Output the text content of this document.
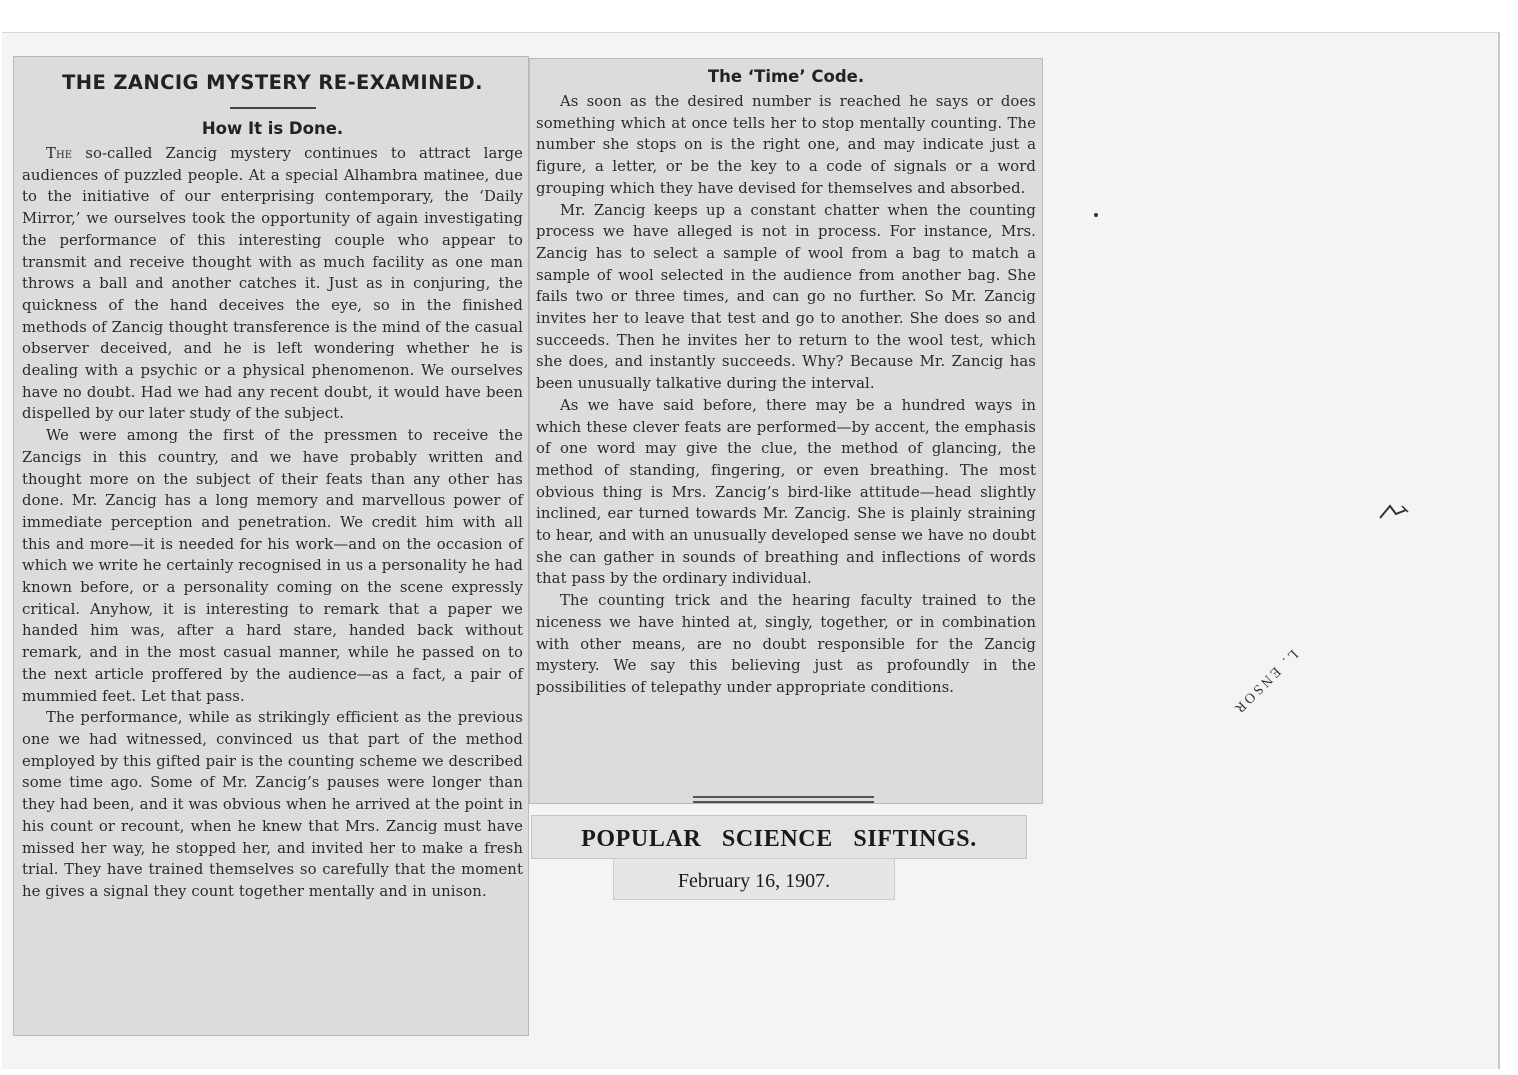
THE ZANCIG MYSTERY RE-EXAMINED.
How It is Done.

The so-called Zancig mystery continues to attract large audiences of puzzled people. At a special Alhambra matinee, due to the initiative of our enterprising contemporary, the ‘Daily Mirror,’ we ourselves took the opportunity of again investigating the performance of this interesting couple who appear to transmit and receive thought with as much facility as one man throws a ball and another catches it. Just as in conjuring, the quickness of the hand deceives the eye, so in the finished methods of Zancig thought transference is the mind of the casual observer deceived, and he is left wondering whether he is dealing with a psychic or a physical phenomenon. We ourselves have no doubt. Had we had any recent doubt, it would have been dispelled by our later study of the subject.

We were among the first of the pressmen to receive the Zancigs in this country, and we have probably written and thought more on the subject of their feats than any other has done. Mr. Zancig has a long memory and marvellous power of immediate perception and penetration. We credit him with all this and more—it is needed for his work—and on the occasion of which we write he certainly recognised in us a personality he had known before, or a personality coming on the scene expressly critical. Anyhow, it is interesting to remark that a paper we handed him was, after a hard stare, handed back without remark, and in the most casual manner, while he passed on to the next article proffered by the audience—as a fact, a pair of mummied feet. Let that pass.

The performance, while as strikingly efficient as the previous one we had witnessed, convinced us that part of the method employed by this gifted pair is the counting scheme we described some time ago. Some of Mr. Zancig’s pauses were longer than they had been, and it was obvious when he arrived at the point in his count or recount, when he knew that Mrs. Zancig must have missed her way, he stopped her, and invited her to make a fresh trial. They have trained themselves so carefully that the moment he gives a signal they count together mentally and in unison.

The ‘Time’ Code.

As soon as the desired number is reached he says or does something which at once tells her to stop mentally counting. The number she stops on is the right one, and may indicate just a figure, a letter, or be the key to a code of signals or a word grouping which they have devised for themselves and absorbed.

Mr. Zancig keeps up a constant chatter when the counting process we have alleged is not in process. For instance, Mrs. Zancig has to select a sample of wool from a bag to match a sample of wool selected in the audience from another bag. She fails two or three times, and can go no further. So Mr. Zancig invites her to leave that test and go to another. She does so and succeeds. Then he invites her to return to the wool test, which she does, and instantly succeeds. Why? Because Mr. Zancig has been unusually talkative during the interval.

As we have said before, there may be a hundred ways in which these clever feats are performed—by accent, the emphasis of one word may give the clue, the method of glancing, the method of standing, fingering, or even breathing. The most obvious thing is Mrs. Zancig’s bird-like attitude—head slightly inclined, ear turned towards Mr. Zancig. She is plainly straining to hear, and with an unusually developed sense we have no doubt she can gather in sounds of breathing and inflections of words that pass by the ordinary individual.

The counting trick and the hearing faculty trained to the niceness we have hinted at, singly, together, or in combination with other means, are no doubt responsible for the Zancig mystery. We say this believing just as profoundly in the possibilities of telepathy under appropriate conditions.

POPULAR SCIENCE SIFTINGS.
February 16, 1907.
L. ENSOR
